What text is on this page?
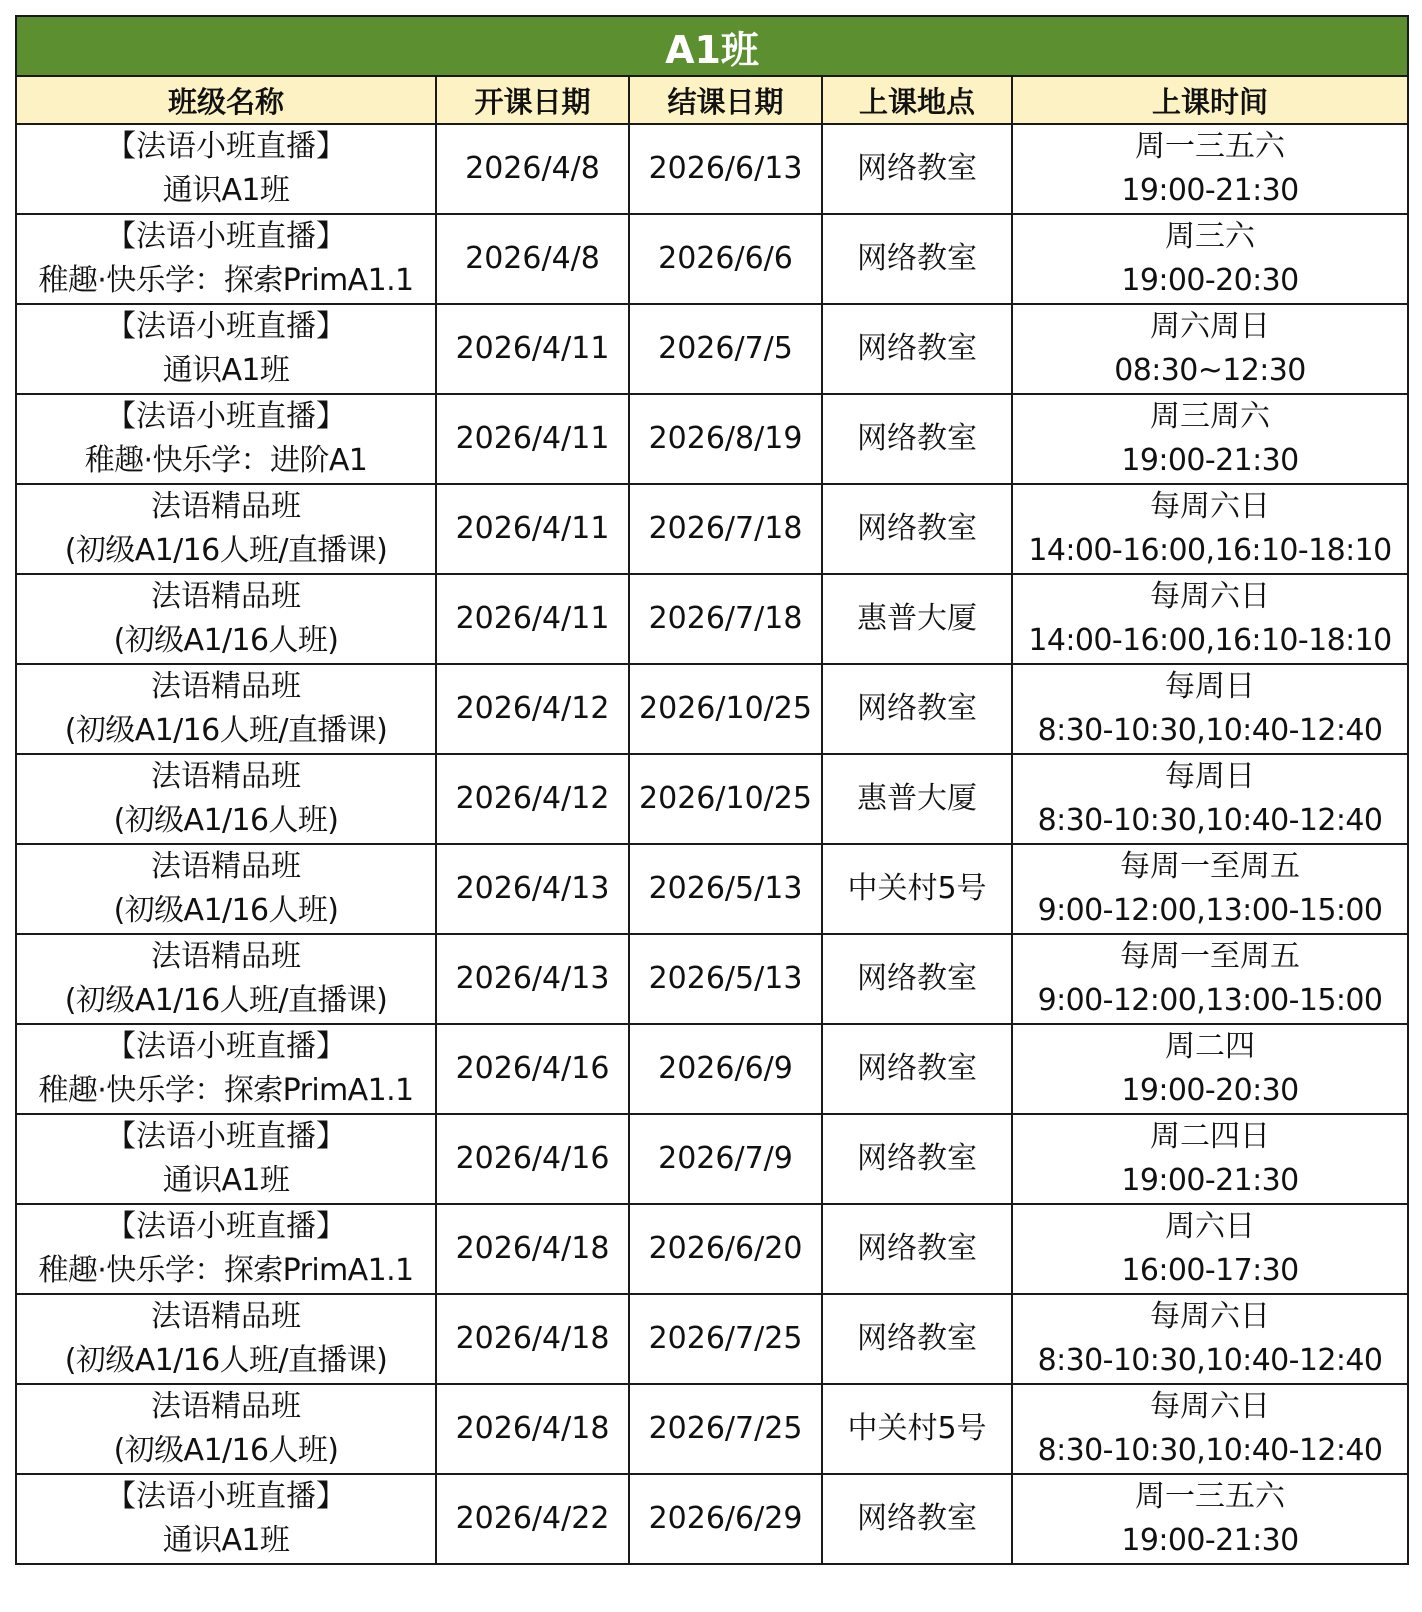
A1班				
班级名称	开课日期	结课日期	上课地点	上课时间

【法语小班直播】
通识A1班	2026/4/8	2026/6/13	网络教室	周一三五六
19:00-21:30

【法语小班直播】
稚趣·快乐学：探索PrimA1.1	2026/4/8	2026/6/6	网络教室	周三六
19:00-20:30

【法语小班直播】
通识A1班	2026/4/11	2026/7/5	网络教室	周六周日
08:30~12:30

【法语小班直播】
稚趣·快乐学：进阶A1	2026/4/11	2026/8/19	网络教室	周三周六
19:00-21:30

法语精品班
(初级A1/16人班/直播课)	2026/4/11	2026/7/18	网络教室	每周六日
14:00-16:00,16:10-18:10

法语精品班
(初级A1/16人班)	2026/4/11	2026/7/18	惠普大厦	每周六日
14:00-16:00,16:10-18:10

法语精品班
(初级A1/16人班/直播课)	2026/4/12	2026/10/25	网络教室	每周日
8:30-10:30,10:40-12:40

法语精品班
(初级A1/16人班)	2026/4/12	2026/10/25	惠普大厦	每周日
8:30-10:30,10:40-12:40

法语精品班
(初级A1/16人班)	2026/4/13	2026/5/13	中关村5号	每周一至周五
9:00-12:00,13:00-15:00

法语精品班
(初级A1/16人班/直播课)	2026/4/13	2026/5/13	网络教室	每周一至周五
9:00-12:00,13:00-15:00

【法语小班直播】
稚趣·快乐学：探索PrimA1.1	2026/4/16	2026/6/9	网络教室	周二四
19:00-20:30

【法语小班直播】
通识A1班	2026/4/16	2026/7/9	网络教室	周二四日
19:00-21:30

【法语小班直播】
稚趣·快乐学：探索PrimA1.1	2026/4/18	2026/6/20	网络教室	周六日
16:00-17:30

法语精品班
(初级A1/16人班/直播课)	2026/4/18	2026/7/25	网络教室	每周六日
8:30-10:30,10:40-12:40

法语精品班
(初级A1/16人班)	2026/4/18	2026/7/25	中关村5号	每周六日
8:30-10:30,10:40-12:40

【法语小班直播】
通识A1班	2026/4/22	2026/6/29	网络教室	周一三五六
19:00-21:30
